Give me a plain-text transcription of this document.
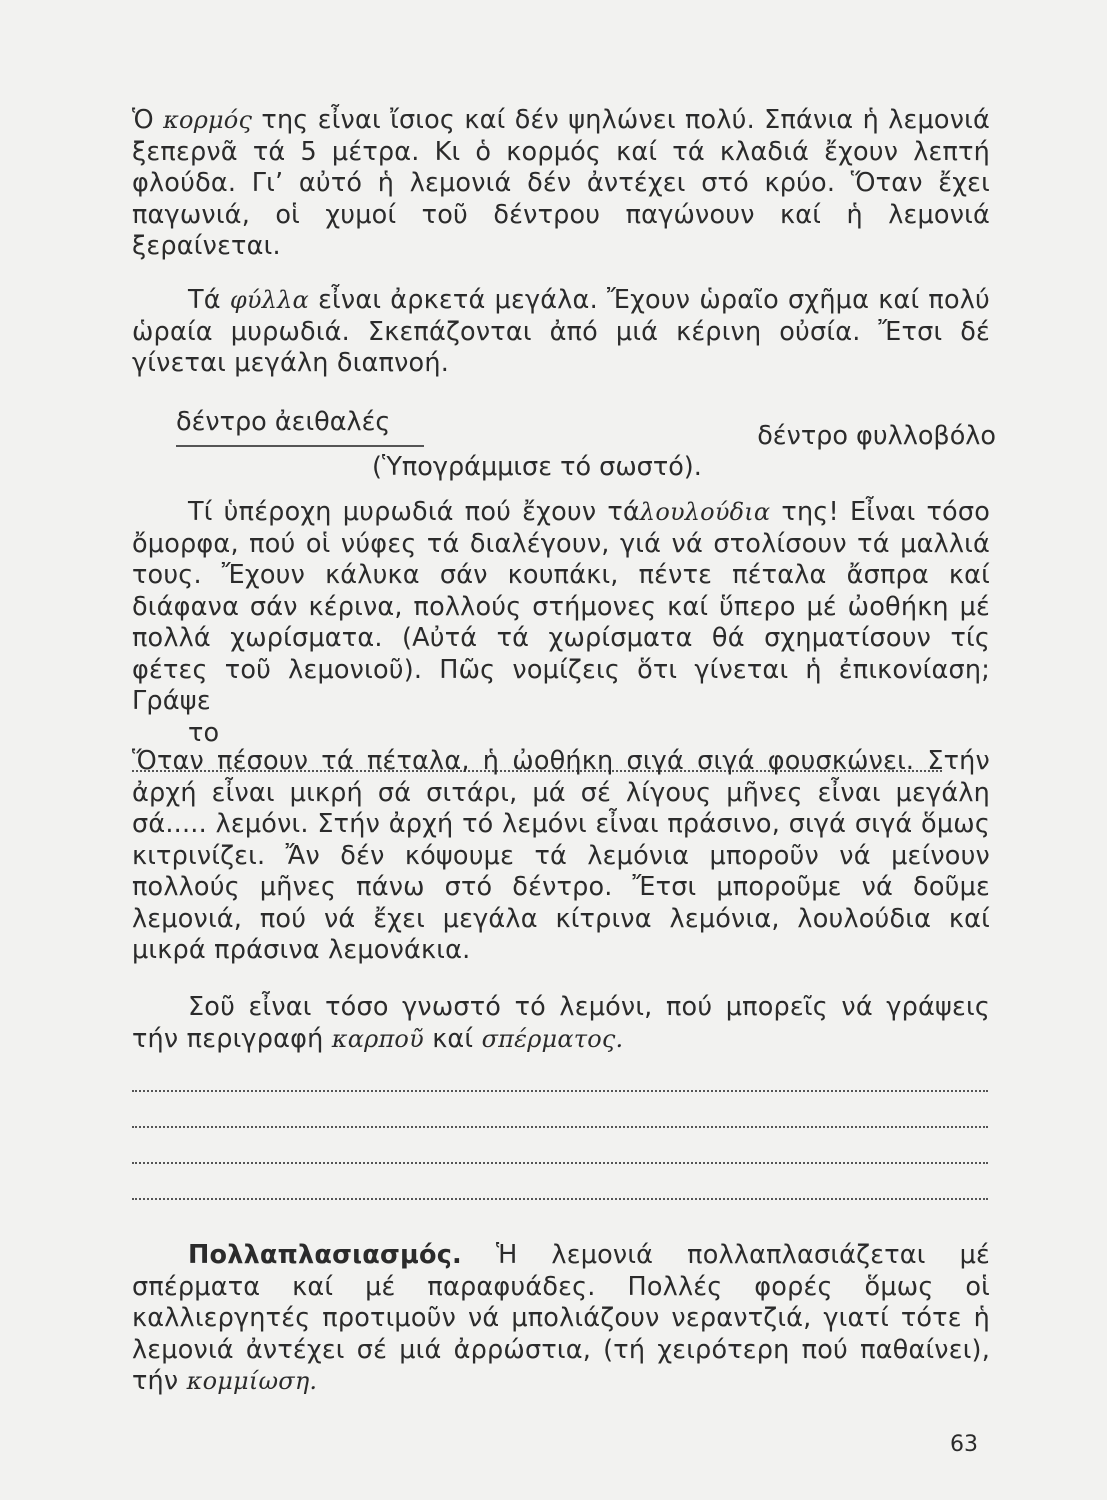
Ὁ κορμός της εἶναι ἴσιος καί δέν ψηλώνει πολύ. Σπάνια ἡ λεμονιά ξεπερνᾶ τά 5 μέτρα. Κι ὁ κορμός καί τά κλαδιά ἔχουν λεπτή φλούδα. Γι’ αὐτό ἡ λεμονιά δέν ἀντέχει στό κρύο. Ὅταν ἔχει παγωνιά, οἱ χυμοί τοῦ δέντρου παγώνουν καί ἡ λεμονιά ξεραίνεται.

Τά φύλλα εἶναι ἀρκετά μεγάλα. Ἔχουν ὡραῖο σχῆμα καί πολύ ὡραία μυρωδιά. Σκεπάζονται ἀπό μιά κέρινη οὐσία. Ἔτσι δέ γίνεται μεγάλη διαπνοή.

δέντρο ἀειθαλές	δέντρο φυλλοβόλο
(Ὑπογράμμισε τό σωστό).

Τί ὑπέροχη μυρωδιά πού ἔχουν τάλουλούδια της! Εἶναι τόσο ὄμορφα, πού οἱ νύφες τά διαλέγουν, γιά νά στολίσουν τά μαλλιά τους. Ἔχουν κάλυκα σάν κουπάκι, πέντε πέταλα ἄσπρα καί διάφανα σάν κέρινα, πολλούς στήμονες καί ὕπερο μέ ὠοθήκη μέ πολλά χωρίσματα. (Αὐτά τά χωρίσματα θά σχηματίσουν τίς φέτες τοῦ λεμονιοῦ). Πῶς νομίζεις ὅτι γίνεται ἡ ἐπικονίαση; Γράψε

το

Ὅταν πέσουν τά πέταλα, ἡ ὠοθήκη σιγά σιγά φουσκώνει. Στήν ἀρχή εἶναι μικρή σά σιτάρι, μά σέ λίγους μῆνες εἶναι μεγάλη σά..... λεμόνι. Στήν ἀρχή τό λεμόνι εἶναι πράσινο, σιγά σιγά ὅμως κιτρινίζει. Ἄν δέν κόψουμε τά λεμόνια μποροῦν νά μείνουν πολλούς μῆνες πάνω στό δέντρο. Ἔτσι μποροῦμε νά δοῦμε λεμονιά, πού νά ἔχει μεγάλα κίτρινα λεμόνια, λουλούδια καί μικρά πράσινα λεμονάκια.

Σοῦ εἶναι τόσο γνωστό τό λεμόνι, πού μπορεῖς νά γράψεις τήν περιγραφή καρποῦ καί σπέρματος.

Πολλαπλασιασμός. Ἡ λεμονιά πολλαπλασιάζεται μέ σπέρματα καί μέ παραφυάδες. Πολλές φορές ὅμως οἱ καλλιεργητές προτιμοῦν νά μπολιάζουν νεραντζιά, γιατί τότε ἡ λεμονιά ἀντέχει σέ μιά ἀρρώστια, (τή χειρότερη πού παθαίνει), τήν κομμίωση.

63
